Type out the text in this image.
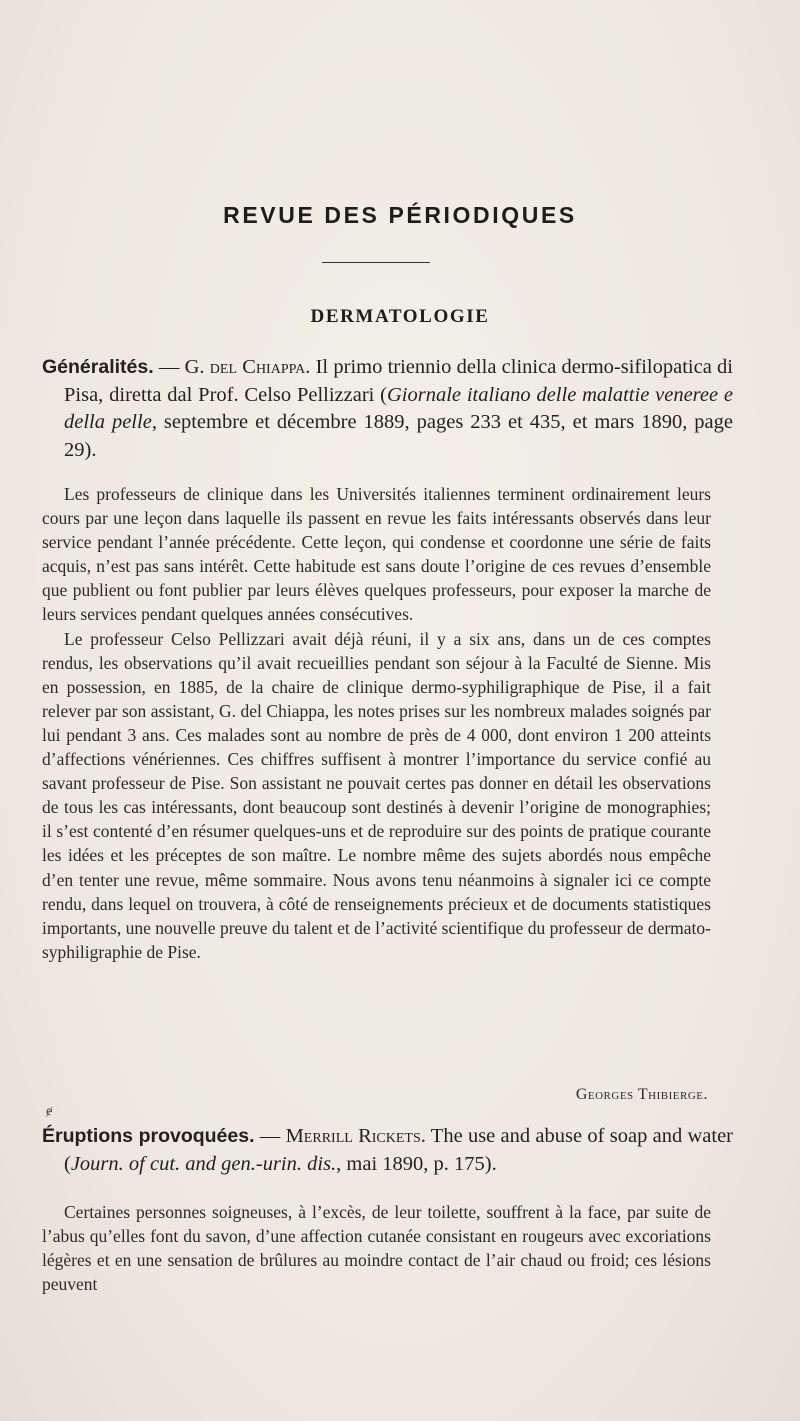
REVUE DES PÉRIODIQUES
DERMATOLOGIE
Généralités. — G. del Chiappa. Il primo triennio della clinica dermo-sifilopatica di Pisa, diretta dal Prof. Celso Pellizzari (Giornale italiano delle malattie veneree e della pelle, septembre et décembre 1889, pages 233 et 435, et mars 1890, page 29).

Les professeurs de clinique dans les Universités italiennes terminent ordinairement leurs cours par une leçon dans laquelle ils passent en revue les faits intéressants observés dans leur service pendant l’année précédente. Cette leçon, qui condense et coordonne une série de faits acquis, n’est pas sans intérêt. Cette habitude est sans doute l’origine de ces revues d’ensemble que publient ou font publier par leurs élèves quelques professeurs, pour exposer la marche de leurs services pendant quelques années consécutives.

Le professeur Celso Pellizzari avait déjà réuni, il y a six ans, dans un de ces comptes rendus, les observations qu’il avait recueillies pendant son séjour à la Faculté de Sienne. Mis en possession, en 1885, de la chaire de clinique dermo-syphiligraphique de Pise, il a fait relever par son assistant, G. del Chiappa, les notes prises sur les nombreux malades soignés par lui pendant 3 ans. Ces malades sont au nombre de près de 4 000, dont environ 1 200 atteints d’affections vénériennes. Ces chiffres suffisent à montrer l’importance du service confié au savant professeur de Pise. Son assistant ne pouvait certes pas donner en détail les observations de tous les cas intéressants, dont beaucoup sont destinés à devenir l’origine de monographies; il s’est contenté d’en résumer quelques-uns et de reproduire sur des points de pratique courante les idées et les préceptes de son maître. Le nombre même des sujets abordés nous empêche d’en tenter une revue, même sommaire. Nous avons tenu néanmoins à signaler ici ce compte rendu, dans lequel on trouvera, à côté de renseignements précieux et de documents statistiques importants, une nouvelle preuve du talent et de l’activité scientifique du professeur de dermato-syphiligraphie de Pise.

Georges Thibierge.
ɇ
Éruptions provoquées. — Merrill Rickets. The use and abuse of soap and water (Journ. of cut. and gen.-urin. dis., mai 1890, p. 175).

Certaines personnes soigneuses, à l’excès, de leur toilette, souffrent à la face, par suite de l’abus qu’elles font du savon, d’une affection cutanée consistant en rougeurs avec excoriations légères et en une sensation de brûlures au moindre contact de l’air chaud ou froid; ces lésions peuvent
